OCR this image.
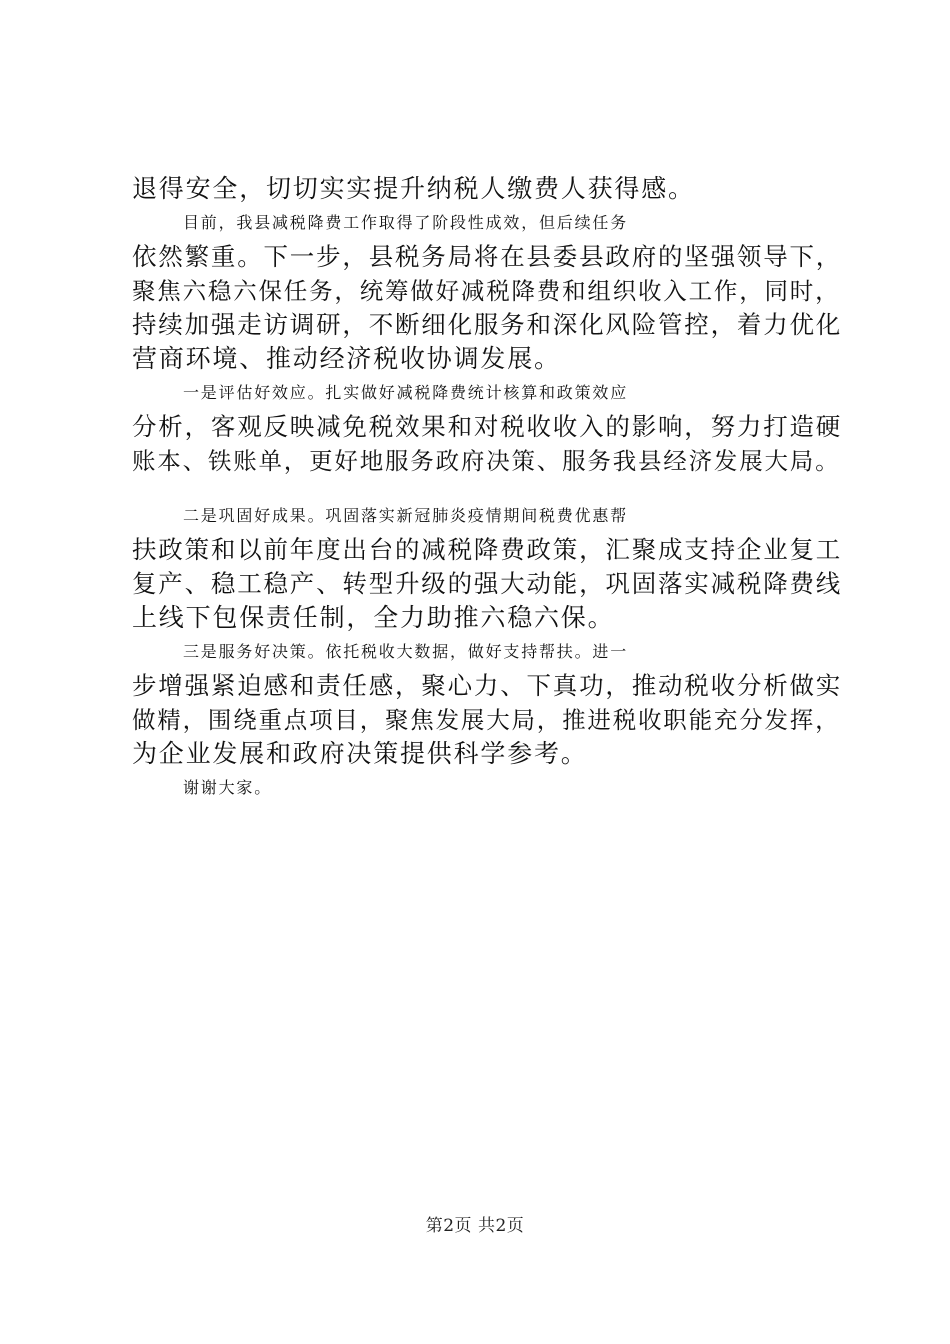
退得安全，切切实实提升纳税人缴费人获得感。
目前，我县减税降费工作取得了阶段性成效，但后续任务
依然繁重。下一步，县税务局将在县委县政府的坚强领导下，
聚焦六稳六保任务，统筹做好减税降费和组织收入工作，同时，
持续加强走访调研，不断细化服务和深化风险管控，着力优化
营商环境、推动经济税收协调发展。
一是评估好效应。扎实做好减税降费统计核算和政策效应
分析，客观反映减免税效果和对税收收入的影响，努力打造硬
账本、铁账单，更好地服务政府决策、服务我县经济发展大局。
二是巩固好成果。巩固落实新冠肺炎疫情期间税费优惠帮
扶政策和以前年度出台的减税降费政策，汇聚成支持企业复工
复产、稳工稳产、转型升级的强大动能，巩固落实减税降费线
上线下包保责任制，全力助推六稳六保。
三是服务好决策。依托税收大数据，做好支持帮扶。进一
步增强紧迫感和责任感，聚心力、下真功，推动税收分析做实
做精，围绕重点项目，聚焦发展大局，推进税收职能充分发挥，
为企业发展和政府决策提供科学参考。
谢谢大家。
第2页 共2页
